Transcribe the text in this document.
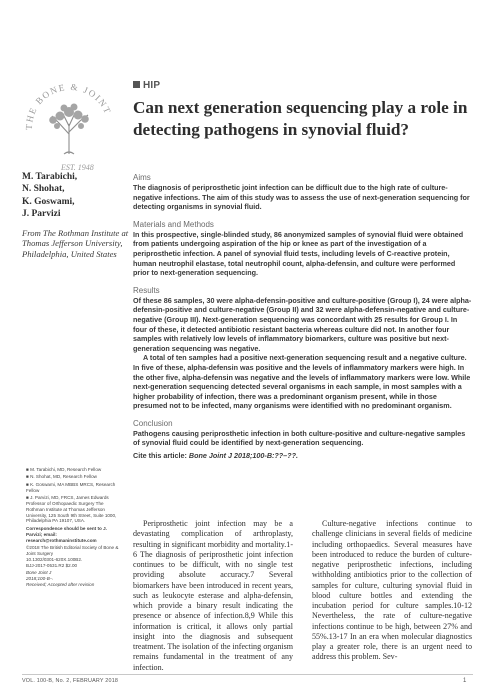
THE BONE & JOINT
EST. 1948
HIP
Can next generation sequencing play a role in detecting pathogens in synovial fluid?
M. Tarabichi,
N. Shohat,
K. Goswami,
J. Parvizi
From The Rothman Institute at Thomas Jefferson University, Philadelphia, United States

■ M. Tarabichi, MD, Research Fellow

■ N. Shohat, MD, Research Fellow

■ K. Goswami, MA MBBS MRCS, Research Fellow

■ J. Parvizi, MD, FRCS, James Edwards Professor of Orthopaedic Surgery The Rothman Institute at Thomas Jefferson University, 125 South 9th Street, Suite 1000, Philadelphia PA 19107, USA.

Correspondence should be sent to J. Parvizi; email: research@rothmaninstitute.com

©2018 The British Editorial Society of Bone & Joint Surgery
10.1302/0301-620X.100B2.
BJJ-2017-0531.R2 $2.00

Bone Joint J
2018;100-B–.
Received; Accepted after revision

Aims

The diagnosis of periprosthetic joint infection can be difficult due to the high rate of culture-negative infections. The aim of this study was to assess the use of next-generation sequencing for detecting organisms in synovial fluid.

Materials and Methods

In this prospective, single-blinded study, 86 anonymized samples of synovial fluid were obtained from patients undergoing aspiration of the hip or knee as part of the investigation of a periprosthetic infection. A panel of synovial fluid tests, including levels of C-reactive protein, human neutrophil elastase, total neutrophil count, alpha-defensin, and culture were performed prior to next-generation sequencing.

Results

Of these 86 samples, 30 were alpha-defensin-positive and culture-positive (Group I), 24 were alpha-defensin-positive and culture-negative (Group II) and 32 were alpha-defensin-negative and culture-negative (Group III). Next-generation sequencing was concordant with 25 results for Group I. In four of these, it detected antibiotic resistant bacteria whereas culture did not. In another four samples with relatively low levels of inflammatory biomarkers, culture was positive but next-generation sequencing was negative.

A total of ten samples had a positive next-generation sequencing result and a negative culture. In five of these, alpha-defensin was positive and the levels of inflammatory markers were high. In the other five, alpha-defensin was negative and the levels of inflammatory markers were low. While next-generation sequencing detected several organisms in each sample, in most samples with a higher probability of infection, there was a predominant organism present, while in those presumed not to be infected, many organisms were identified with no predominant organism.

Conclusion

Pathogens causing periprosthetic infection in both culture-positive and culture-negative samples of synovial fluid could be identified by next-generation sequencing.

Cite this article: Bone Joint J 2018;100-B:??–??.

Periprosthetic joint infection may be a devastating complication of arthroplasty, resulting in significant morbidity and mortality.1-6 The diagnosis of periprosthetic joint infection continues to be difficult, with no single test providing absolute accuracy.7 Several biomarkers have been introduced in recent years, such as leukocyte esterase and alpha-defensin, which provide a binary result indicating the presence or absence of infection.8,9 While this information is critical, it allows only partial insight into the diagnosis and subsequent treatment. The isolation of the infecting organism remains fundamental in the treatment of any infection.

Culture-negative infections continue to challenge clinicians in several fields of medicine including orthopaedics. Several measures have been introduced to reduce the burden of culture-negative periprosthetic infections, including withholding antibiotics prior to the collection of samples for culture, culturing synovial fluid in blood culture bottles and extending the incubation period for culture samples.10-12 Nevertheless, the rate of culture-negative infections continue to be high, between 27% and 55%.13-17 In an era when molecular diagnostics play a greater role, there is an urgent need to address this problem. Sev-

VOL. 100-B, No. 2, FEBRUARY 2018	1
